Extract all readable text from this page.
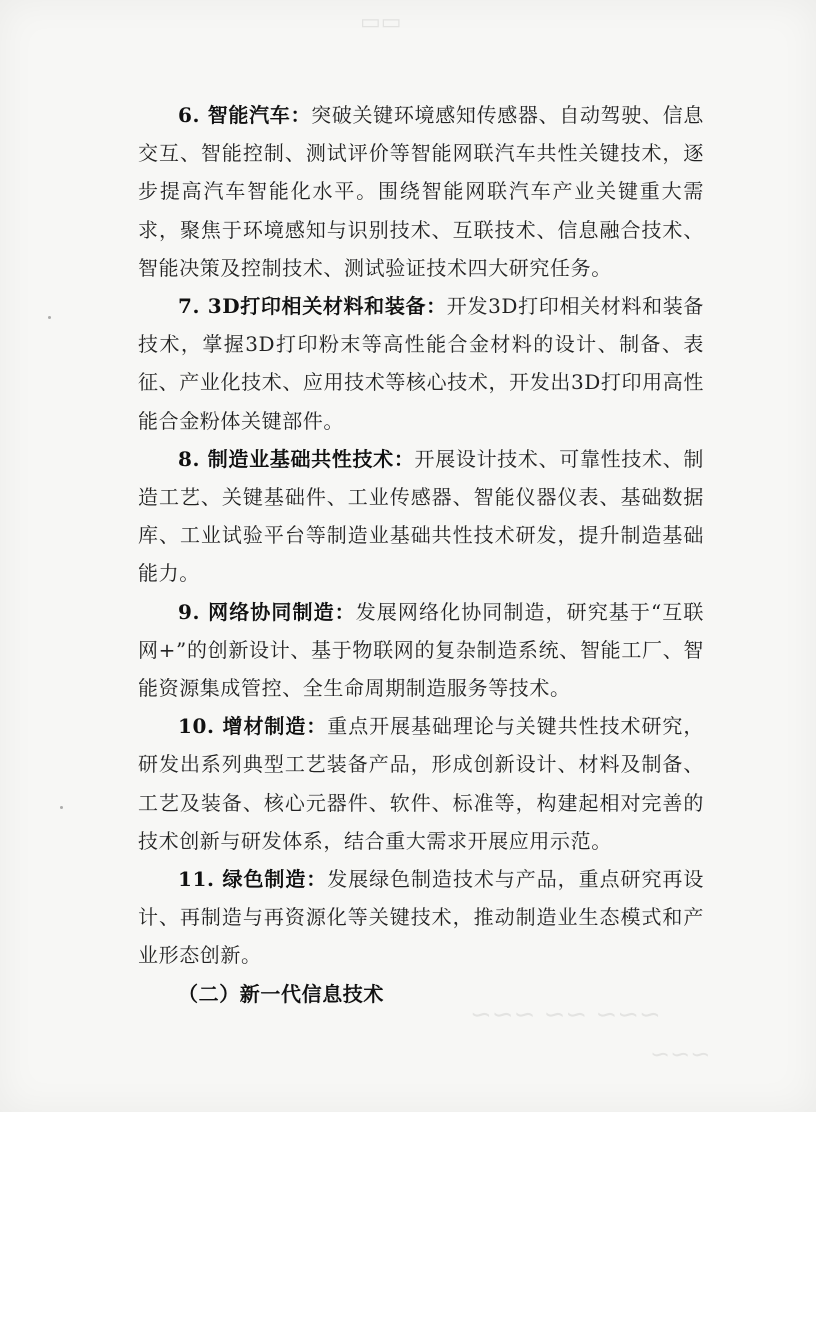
▭▭
∽∽∽ ∽∽ ∽∽∽
∽∽∽

6. 智能汽车：突破关键环境感知传感器、自动驾驶、信息交互、智能控制、测试评价等智能网联汽车共性关键技术，逐步提高汽车智能化水平。围绕智能网联汽车产业关键重大需求，聚焦于环境感知与识别技术、互联技术、信息融合技术、智能决策及控制技术、测试验证技术四大研究任务。

7. 3D打印相关材料和装备：开发3D打印相关材料和装备技术，掌握3D打印粉末等高性能合金材料的设计、制备、表征、产业化技术、应用技术等核心技术，开发出3D打印用高性能合金粉体关键部件。

8. 制造业基础共性技术：开展设计技术、可靠性技术、制造工艺、关键基础件、工业传感器、智能仪器仪表、基础数据库、工业试验平台等制造业基础共性技术研发，提升制造基础能力。

9. 网络协同制造：发展网络化协同制造，研究基于“互联网+”的创新设计、基于物联网的复杂制造系统、智能工厂、智能资源集成管控、全生命周期制造服务等技术。

10. 增材制造：重点开展基础理论与关键共性技术研究，研发出系列典型工艺装备产品，形成创新设计、材料及制备、工艺及装备、核心元器件、软件、标准等，构建起相对完善的技术创新与研发体系，结合重大需求开展应用示范。

11. 绿色制造：发展绿色制造技术与产品，重点研究再设计、再制造与再资源化等关键技术，推动制造业生态模式和产业形态创新。

（二）新一代信息技术
